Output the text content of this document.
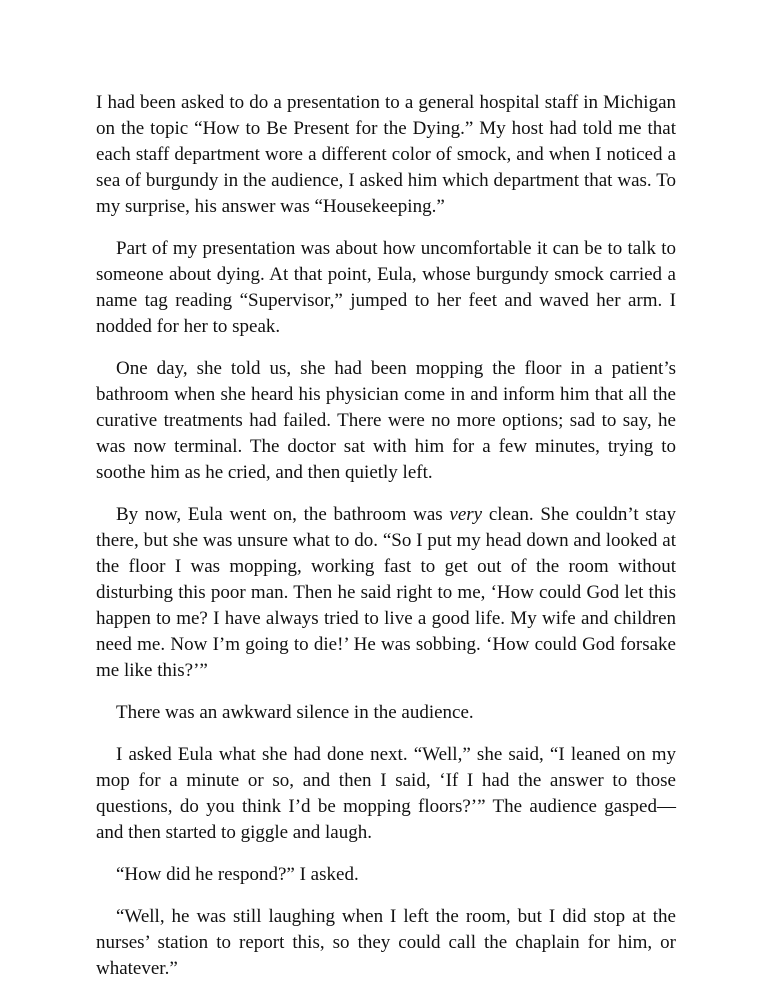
I had been asked to do a presentation to a general hospital staff in Michigan on the topic “How to Be Present for the Dying.” My host had told me that each staff department wore a different color of smock, and when I noticed a sea of burgundy in the audience, I asked him which department that was. To my surprise, his answer was “Housekeeping.”

Part of my presentation was about how uncomfortable it can be to talk to someone about dying. At that point, Eula, whose burgundy smock carried a name tag reading “Supervisor,” jumped to her feet and waved her arm. I nodded for her to speak.

One day, she told us, she had been mopping the floor in a patient’s bathroom when she heard his physician come in and inform him that all the curative treatments had failed. There were no more options; sad to say, he was now terminal. The doctor sat with him for a few minutes, trying to soothe him as he cried, and then quietly left.

By now, Eula went on, the bathroom was very clean. She couldn’t stay there, but she was unsure what to do. “So I put my head down and looked at the floor I was mopping, working fast to get out of the room without disturbing this poor man. Then he said right to me, ‘How could God let this happen to me? I have always tried to live a good life. My wife and children need me. Now I’m going to die!’ He was sobbing. ‘How could God forsake me like this?’”

There was an awkward silence in the audience.

I asked Eula what she had done next. “Well,” she said, “I leaned on my mop for a minute or so, and then I said, ‘If I had the answer to those questions, do you think I’d be mopping floors?’” The audience gasped—and then started to giggle and laugh.

“How did he respond?” I asked.

“Well, he was still laughing when I left the room, but I did stop at the nurses’ station to report this, so they could call the chaplain for him, or whatever.”
